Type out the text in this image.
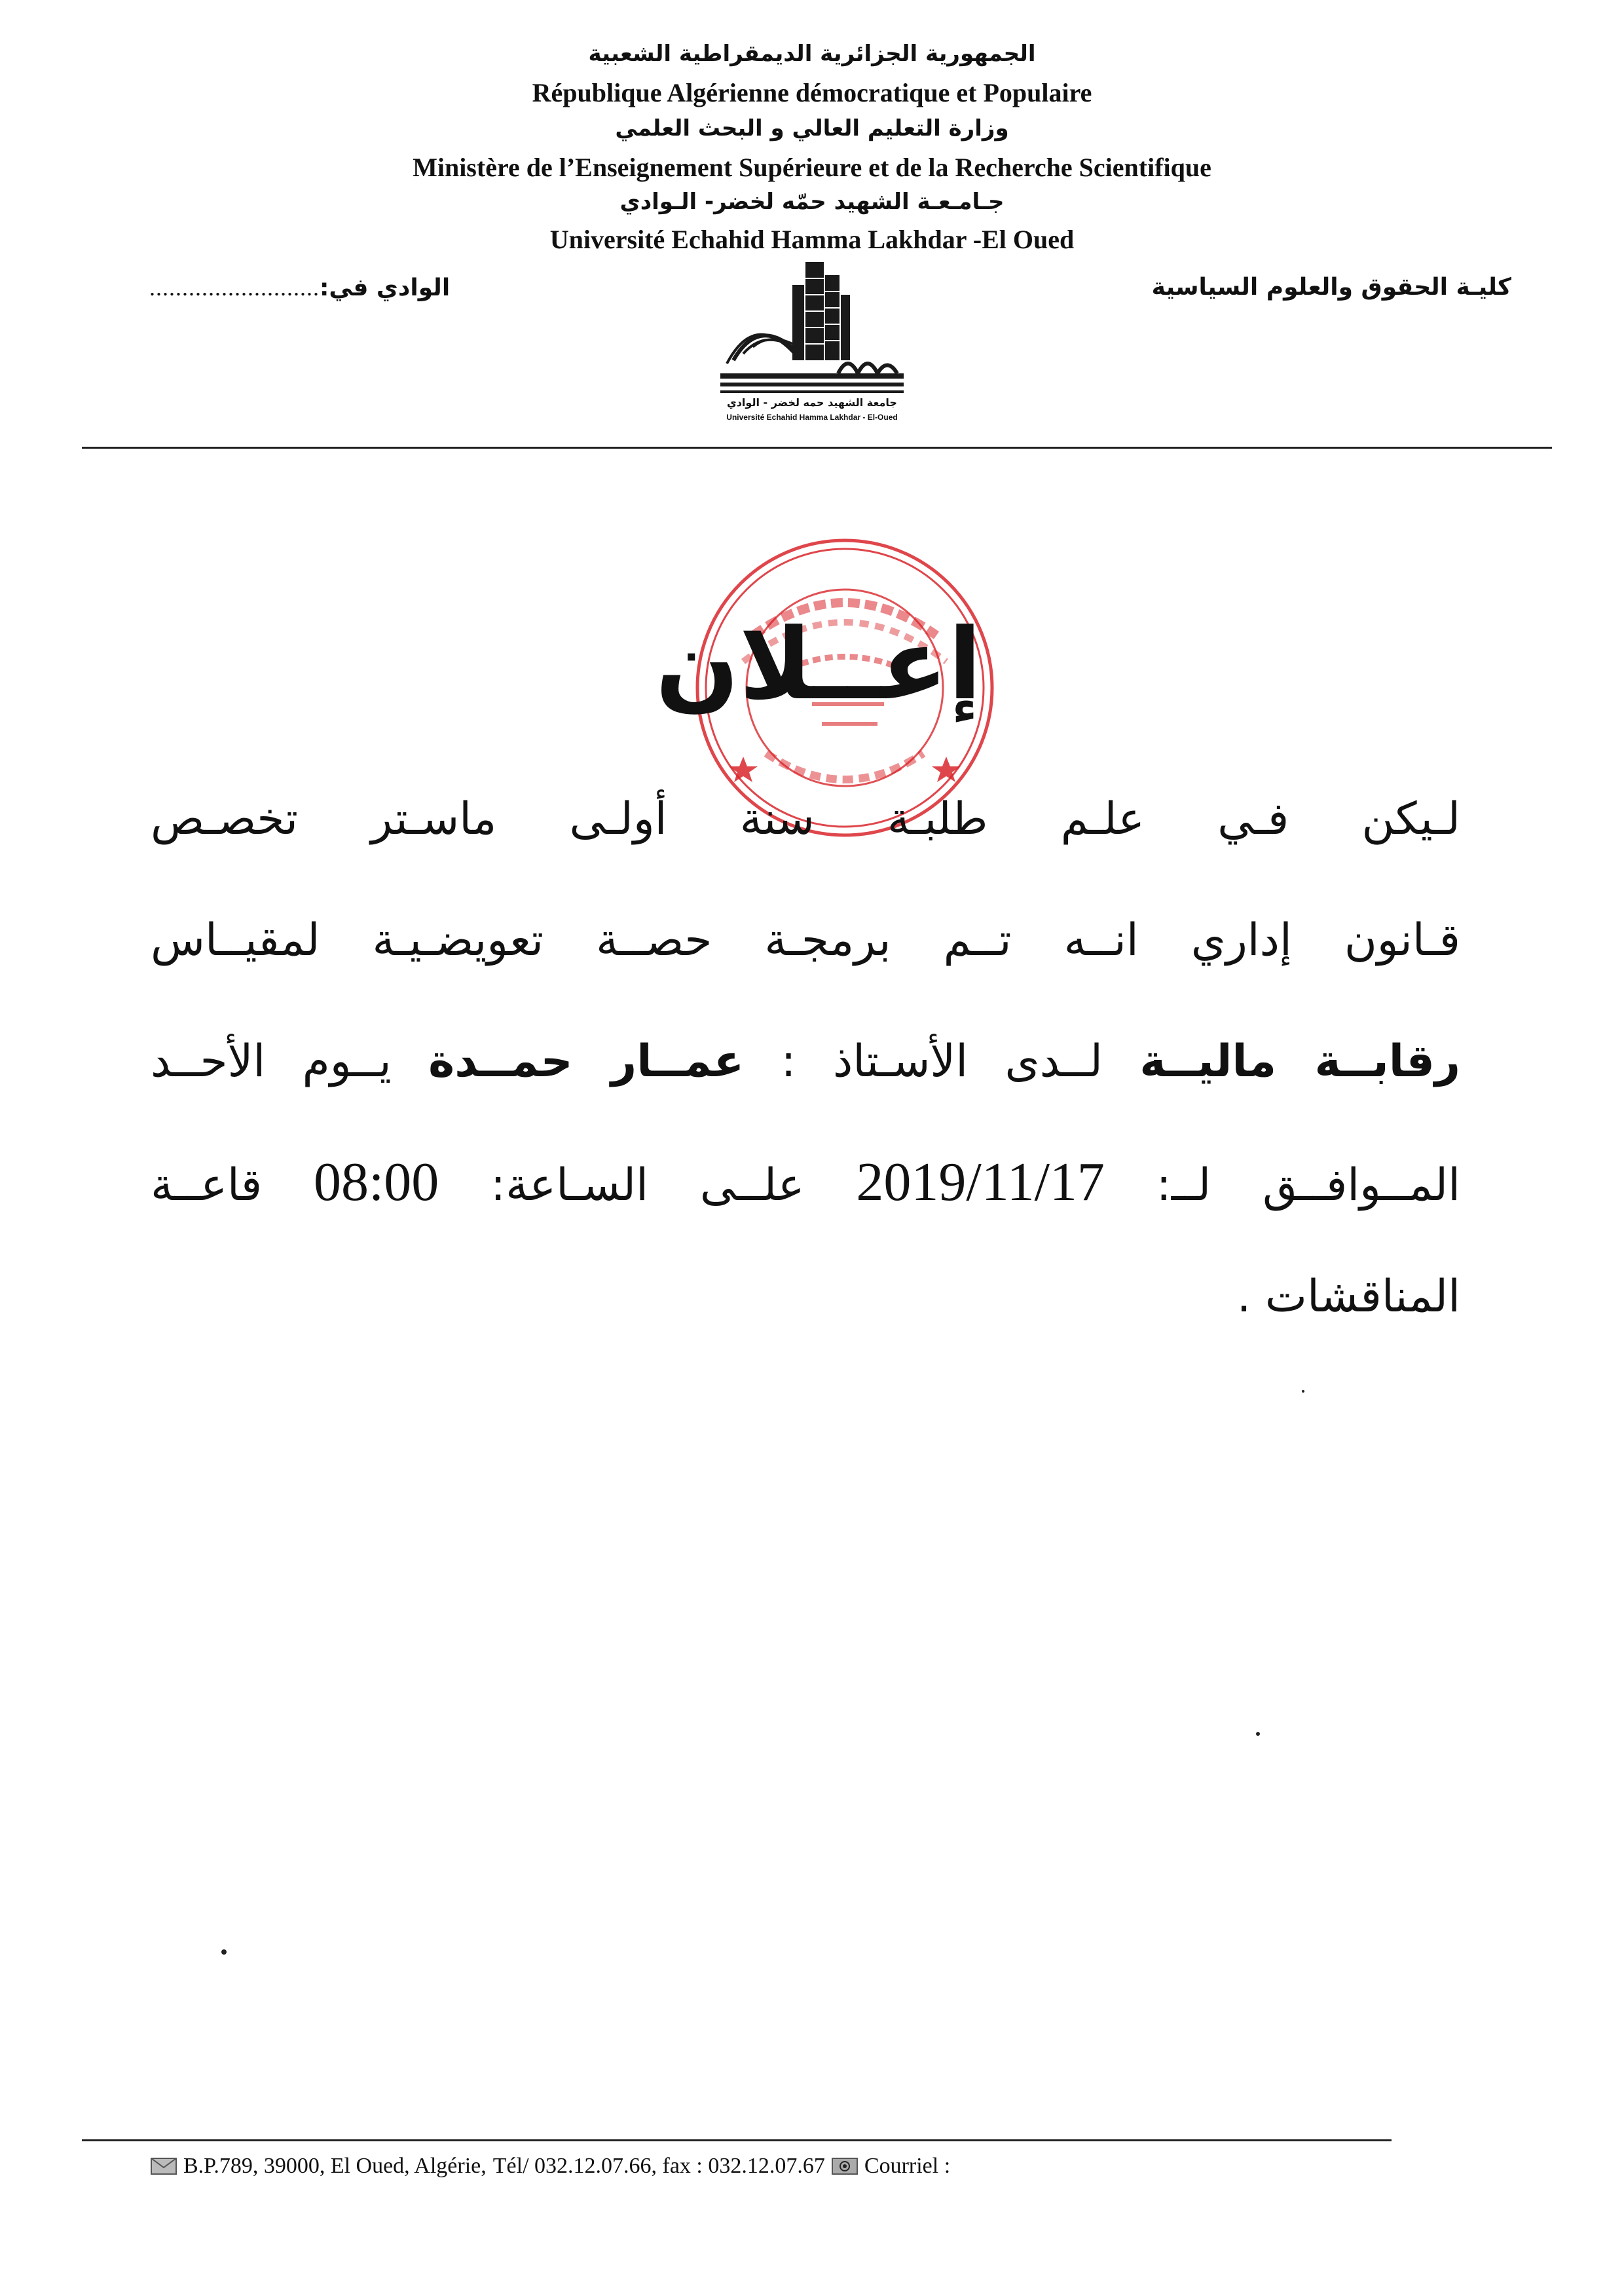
الجمهورية الجزائرية الديمقراطية الشعبية
République Algérienne démocratique et Populaire
وزارة التعليم العالي و البحث العلمي
Ministère de l’Enseignement Supérieure et de la Recherche Scientifique
جـامـعـة الشهيد حمّه لخضر- الـوادي
Université Echahid Hamma Lakhdar -El Oued
كليـة الحقوق والعلوم السياسية
.......................... الوادي في:
جامعة الشهيد حمه لخضر - الوادي
Université Echahid Hamma Lakhdar - El-Oued
إعــلان
لـيكن فـي علـم طلبـة سنة أولـى ماسـتر تخصـص
قـانون إداري انــه تــم برمجـة حصــة تعويضـيـة لمقيــاس
رقابــة ماليــة لــدى الأسـتاذ : عمــار حمــدة يــوم الأحــد
المــوافــق لــ: 2019/11/17 علــى السـاعة: 08:00 قاعــة
المناقشات .
B.P.789, 39000, El Oued, Algérie, Tél/ 032.12.07.66, fax : 032.12.07.67 Courriel :
